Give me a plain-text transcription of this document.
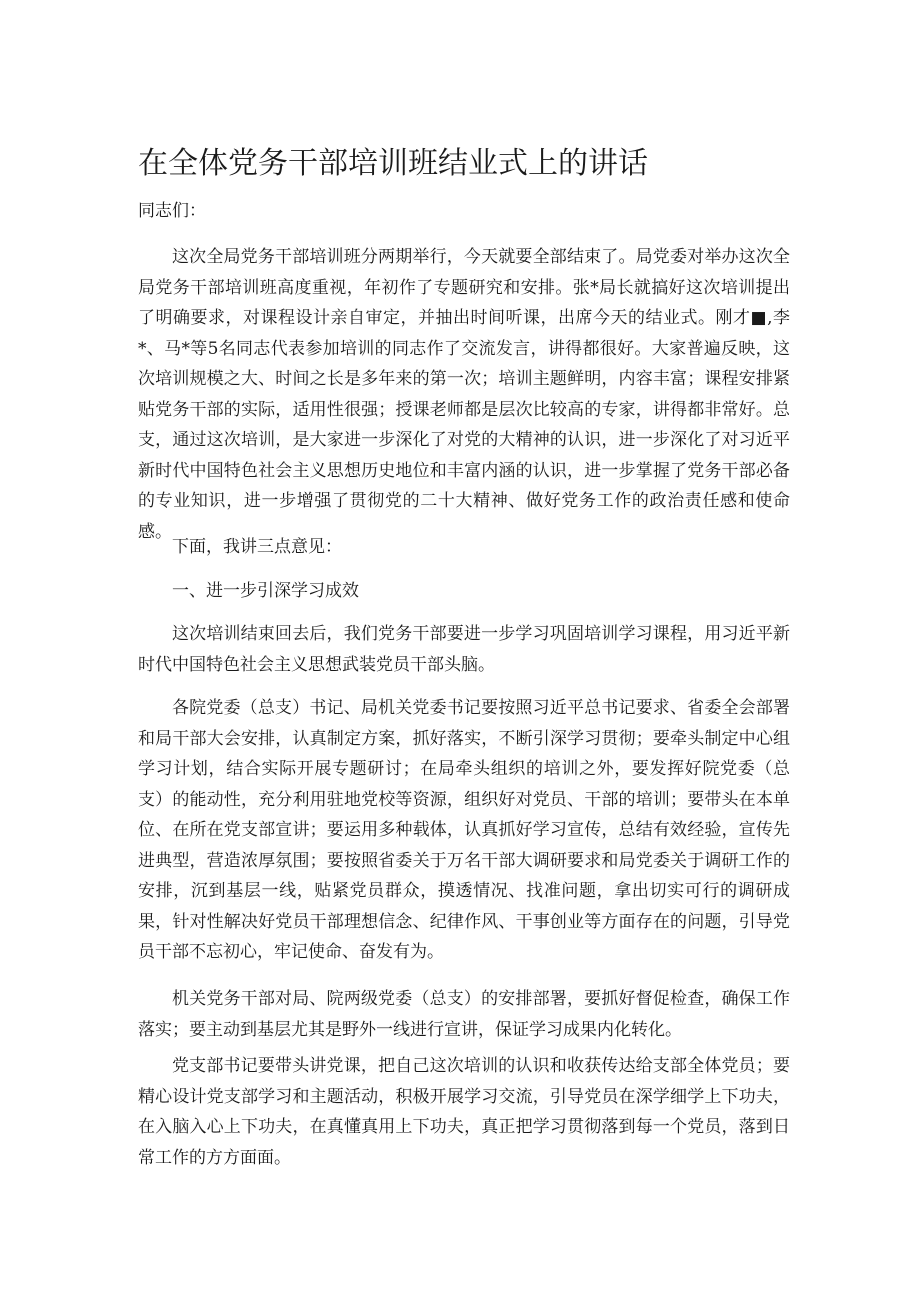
在全体党务干部培训班结业式上的讲话

同志们：

这次全局党务干部培训班分两期举行，今天就要全部结束了。局党委对举办这次全局党务干部培训班高度重视，年初作了专题研究和安排。张*局长就搞好这次培训提出了明确要求，对课程设计亲自审定，并抽出时间听课，出席今天的结业式。刚才■,李*、马*等5名同志代表参加培训的同志作了交流发言，讲得都很好。大家普遍反映，这次培训规模之大、时间之长是多年来的第一次；培训主题鲜明，内容丰富；课程安排紧贴党务干部的实际，适用性很强；授课老师都是层次比较高的专家，讲得都非常好。总支，通过这次培训，是大家进一步深化了对党的大精神的认识，进一步深化了对习近平新时代中国特色社会主义思想历史地位和丰富内涵的认识，进一步掌握了党务干部必备的专业知识，进一步增强了贯彻党的二十大精神、做好党务工作的政治责任感和使命感。

下面，我讲三点意见：

一、进一步引深学习成效

这次培训结束回去后，我们党务干部要进一步学习巩固培训学习课程，用习近平新时代中国特色社会主义思想武装党员干部头脑。

各院党委（总支）书记、局机关党委书记要按照习近平总书记要求、省委全会部署和局干部大会安排，认真制定方案，抓好落实，不断引深学习贯彻；要牵头制定中心组学习计划，结合实际开展专题研讨；在局牵头组织的培训之外，要发挥好院党委（总支）的能动性，充分利用驻地党校等资源，组织好对党员、干部的培训；要带头在本单位、在所在党支部宣讲；要运用多种载体，认真抓好学习宣传，总结有效经验，宣传先进典型，营造浓厚氛围；要按照省委关于万名干部大调研要求和局党委关于调研工作的安排，沉到基层一线，贴紧党员群众，摸透情况、找准问题，拿出切实可行的调研成果，针对性解决好党员干部理想信念、纪律作风、干事创业等方面存在的问题，引导党员干部不忘初心，牢记使命、奋发有为。

机关党务干部对局、院两级党委（总支）的安排部署，要抓好督促检查，确保工作落实；要主动到基层尤其是野外一线进行宣讲，保证学习成果内化转化。

党支部书记要带头讲党课，把自己这次培训的认识和收获传达给支部全体党员；要精心设计党支部学习和主题活动，积极开展学习交流，引导党员在深学细学上下功夫，在入脑入心上下功夫，在真懂真用上下功夫，真正把学习贯彻落到每一个党员，落到日常工作的方方面面。
